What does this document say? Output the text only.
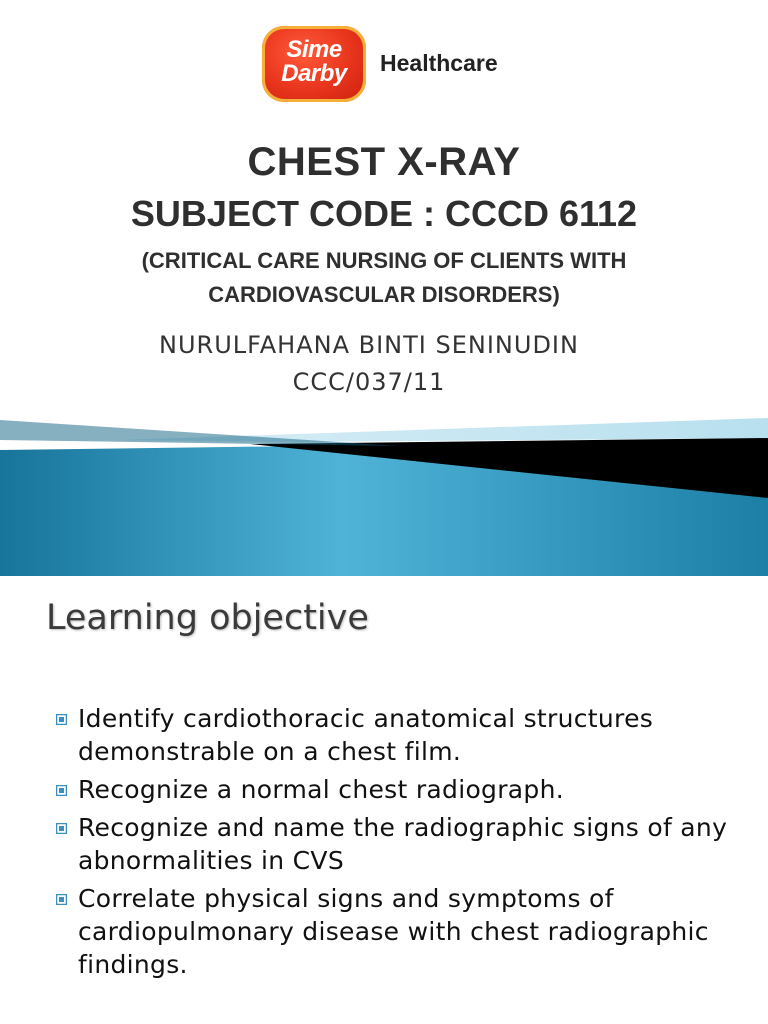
Sime
Darby	Healthcare
CHEST X-RAY
SUBJECT CODE : CCCD 6112
(CRITICAL CARE NURSING OF CLIENTS WITH CARDIOVASCULAR DISORDERS)
NURULFAHANA BINTI SENINUDIN
CCC/037/11
Learning objective
Identify cardiothoracic anatomical structures demonstrable on a chest film.
Recognize a normal chest radiograph.
Recognize and name the radiographic signs of any abnormalities in CVS
Correlate physical signs and symptoms of cardiopulmonary disease with chest radiographic findings.
